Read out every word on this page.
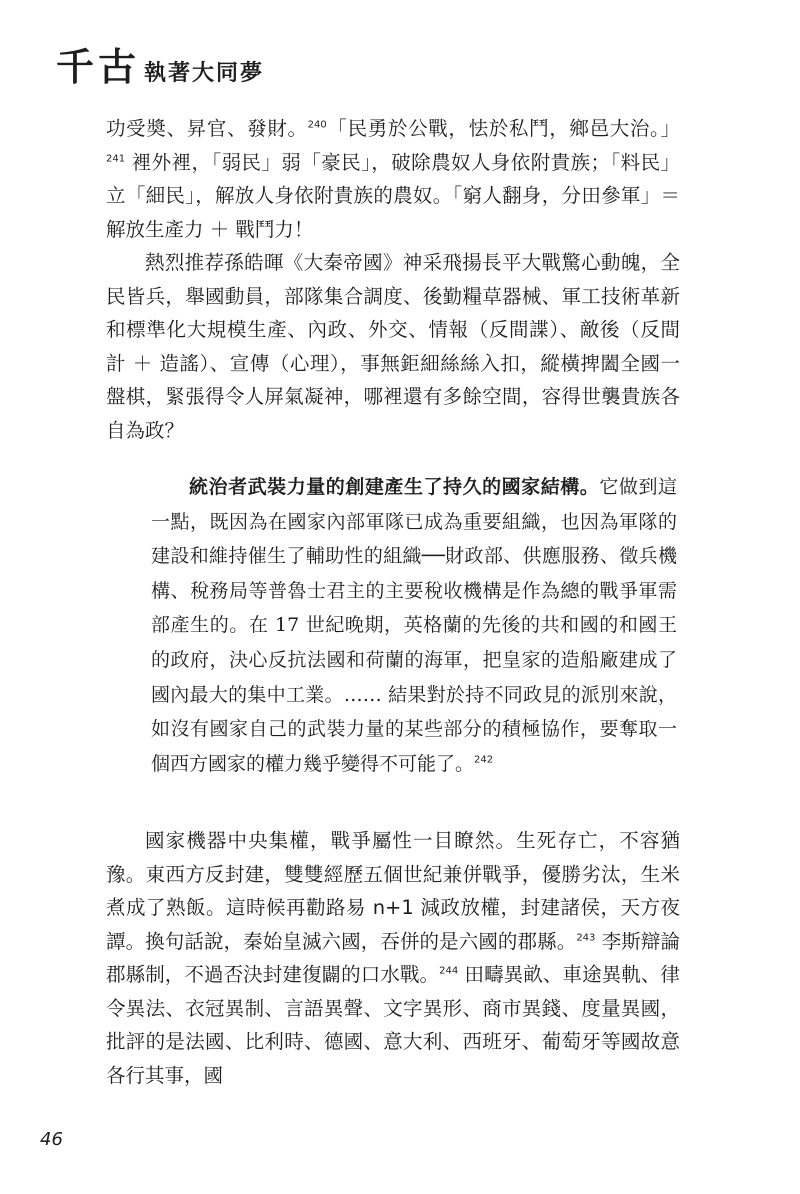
千古 執著大同夢

功受奬、昇官、發財。$^{240}$「民勇於公戰，怯於私鬥，鄉邑大治。」$^{241}$ 裡外裡，「弱民」弱「豪民」，破除農奴人身依附貴族；「料民」立「細民」，解放人身依附貴族的農奴。「窮人翻身，分田參軍」＝ 解放生產力 ＋ 戰鬥力！

熱烈推荐孫皓暉《大秦帝國》神采飛揚長平大戰驚心動魄，全民皆兵，舉國動員，部隊集合調度、後勤糧草器械、軍工技術革新和標準化大規模生產、內政、外交、情報（反間諜）、敵後（反間計 ＋ 造謠）、宣傳（心理），事無鉅細絲絲入扣，縱橫捭闔全國一盤棋，緊張得令人屏氣凝神，哪裡還有多餘空間，容得世襲貴族各自為政？

統治者武裝力量的創建產生了持久的國家結構。它做到這一點，既因為在國家內部軍隊已成為重要組織，也因為軍隊的建設和維持催生了輔助性的組織──財政部、供應服務、徵兵機構、稅務局等普魯士君主的主要稅收機構是作為總的戰爭軍需部產生的。在 17 世紀晚期，英格蘭的先後的共和國的和國王的政府，決心反抗法國和荷蘭的海軍，把皇家的造船廠建成了國內最大的集中工業。…… 結果對於持不同政見的派別來說，如沒有國家自己的武裝力量的某些部分的積極協作，要奪取一個西方國家的權力幾乎變得不可能了。$^{242}$

國家機器中央集權，戰爭屬性一目瞭然。生死存亡，不容猶豫。東西方反封建，雙雙經歷五個世紀兼併戰爭，優勝劣汰，生米煮成了熟飯。這時候再勸路易 n+1 減政放權，封建諸侯，天方夜譚。換句話說，秦始皇滅六國，吞併的是六國的郡縣。$^{243}$ 李斯辯論郡縣制，不過否決封建復闢的口水戰。$^{244}$ 田疇異畝、車途異軌、律令異法、衣冠異制、言語異聲、文字異形、商市異錢、度量異國，批評的是法國、比利時、德國、意大利、西班牙、葡萄牙等國故意各行其事，國

46
